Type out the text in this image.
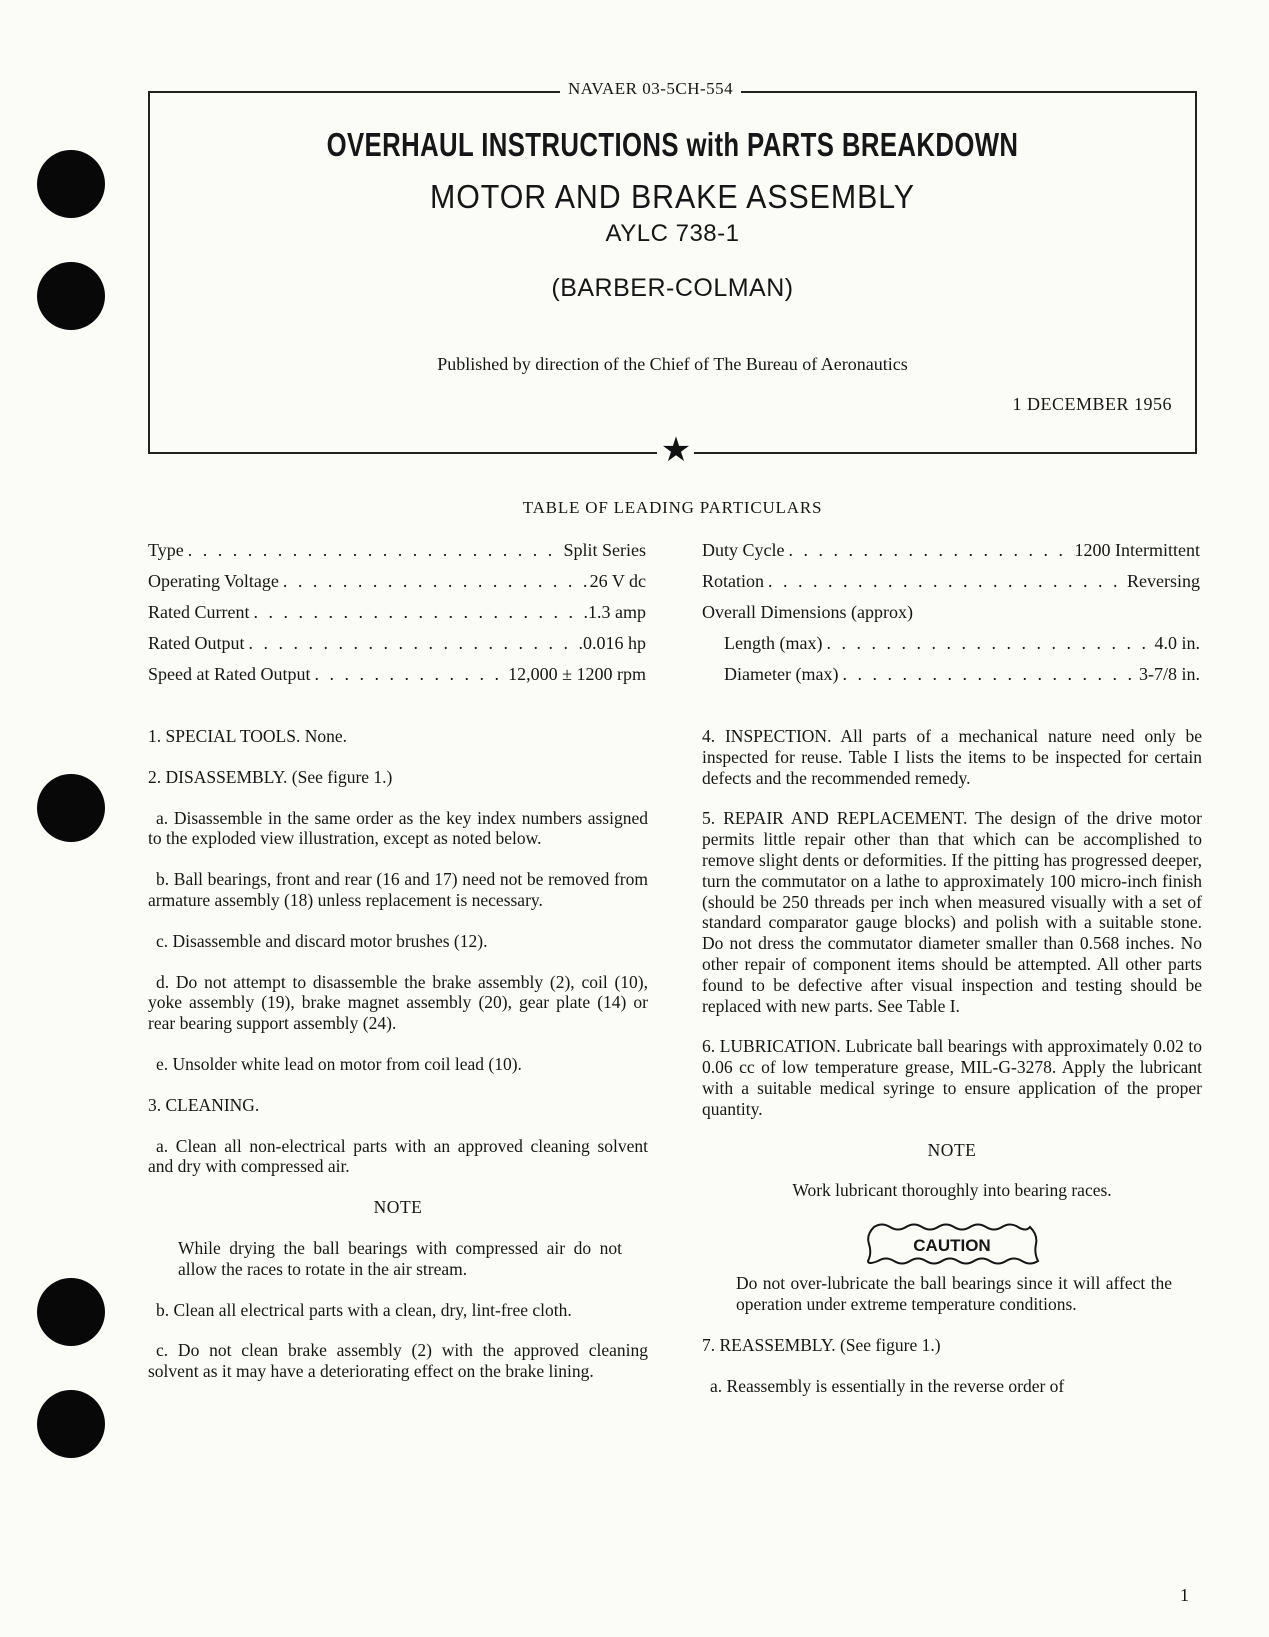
★
NAVAER 03-5CH-554
OVERHAUL INSTRUCTIONS with PARTS BREAKDOWN
MOTOR AND BRAKE ASSEMBLY
AYLC 738-1
(BARBER-COLMAN)
Published by direction of the Chief of The Bureau of Aeronautics
1 DECEMBER 1956
TABLE OF LEADING PARTICULARS
Type . . .	Split Series
Operating Voltage . . .	26 V dc
Rated Current . . .	1.3 amp
Rated Output . . .	0.016 hp
Speed at Rated Output . . .	12,000 ± 1200 rpm
Duty Cycle . . .	1200 Intermittent
Rotation . . .	Reversing
Overall Dimensions (approx)
Length (max) . . .	4.0 in.
Diameter (max) . . .	3-7/8 in.

1. SPECIAL TOOLS. None.

2. DISASSEMBLY. (See figure 1.)

a. Disassemble in the same order as the key index numbers assigned to the exploded view illustration, except as noted below.

b. Ball bearings, front and rear (16 and 17) need not be removed from armature assembly (18) unless replacement is necessary.

c. Disassemble and discard motor brushes (12).

d. Do not attempt to disassemble the brake assembly (2), coil (10), yoke assembly (19), brake magnet assembly (20), gear plate (14) or rear bearing support assembly (24).

e. Unsolder white lead on motor from coil lead (10).

3. CLEANING.

a. Clean all non-electrical parts with an approved cleaning solvent and dry with compressed air.

NOTE
While drying the ball bearings with compressed air do not allow the races to rotate in the air stream.

b. Clean all electrical parts with a clean, dry, lint-free cloth.

c. Do not clean brake assembly (2) with the approved cleaning solvent as it may have a deteriorating effect on the brake lining.

4. INSPECTION. All parts of a mechanical nature need only be inspected for reuse. Table I lists the items to be inspected for certain defects and the recommended remedy.

5. REPAIR AND REPLACEMENT. The design of the drive motor permits little repair other than that which can be accomplished to remove slight dents or deformities. If the pitting has progressed deeper, turn the commutator on a lathe to approximately 100 micro-inch finish (should be 250 threads per inch when measured visually with a set of standard comparator gauge blocks) and polish with a suitable stone. Do not dress the commutator diameter smaller than 0.568 inches. No other repair of component items should be attempted. All other parts found to be defective after visual inspection and testing should be replaced with new parts. See Table I.

6. LUBRICATION. Lubricate ball bearings with approximately 0.02 to 0.06 cc of low temperature grease, MIL-G-3278. Apply the lubricant with a suitable medical syringe to ensure application of the proper quantity.

NOTE
Work lubricant thoroughly into bearing races.
CAUTION
Do not over-lubricate the ball bearings since it will affect the operation under extreme temperature conditions.

7. REASSEMBLY. (See figure 1.)

a. Reassembly is essentially in the reverse order of

1
